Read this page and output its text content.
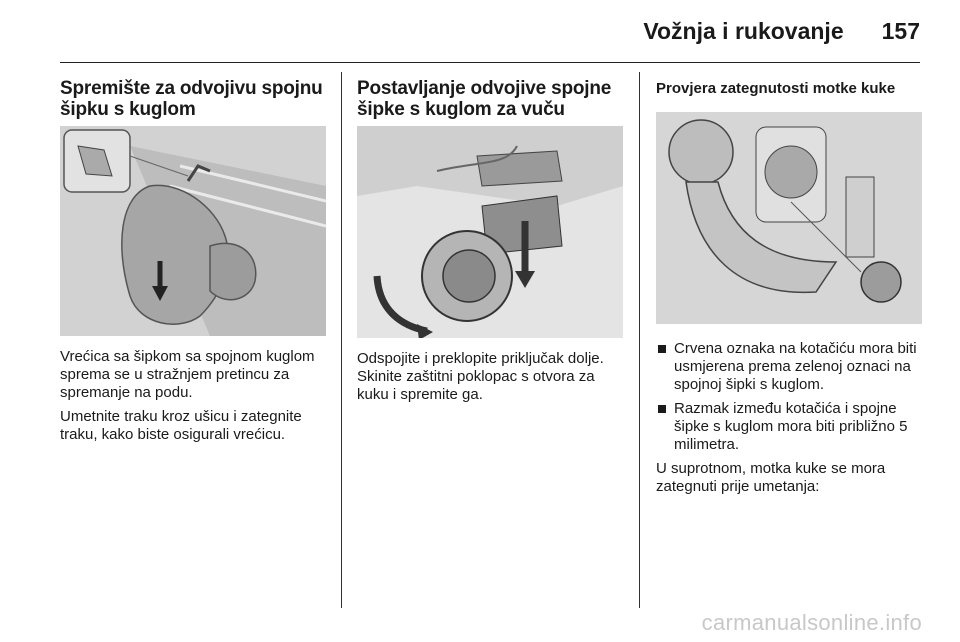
Vožnja i rukovanje 157
Spremište za odvojivu spojnu šipku s kuglom

Vrećica sa šipkom sa spojnom kuglom sprema se u stražnjem pretincu za spremanje na podu.

Umetnite traku kroz ušicu i zategnite traku, kako biste osigurali vrećicu.

Postavljanje odvojive spojne šipke s kuglom za vuču

Odspojite i preklopite priključak dolje. Skinite zaštitni poklopac s otvora za kuku i spremite ga.

Provjera zategnutosti motke kuke
Crvena oznaka na kotačiću mora biti usmjerena prema zelenoj oznaci na spojnoj šipki s kuglom.
Razmak između kotačića i spojne šipke s kuglom mora biti približno 5 milimetra.

U suprotnom, motka kuke se mora zategnuti prije umetanja:

carmanualsonline.info
